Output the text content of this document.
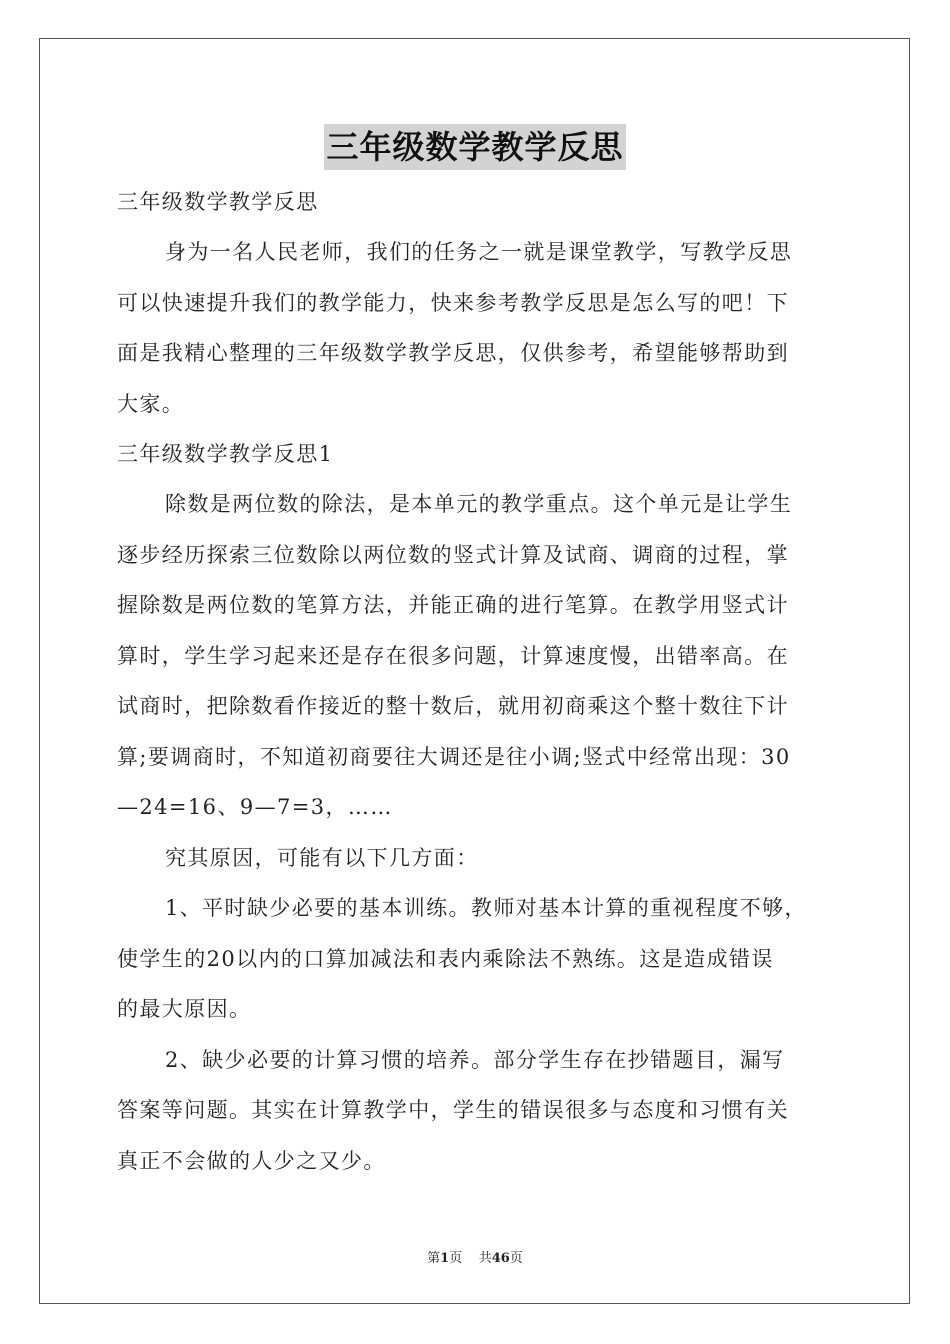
三年级数学教学反思
三年级数学教学反思
身为一名人民老师，我们的任务之一就是课堂教学，写教学反思
可以快速提升我们的教学能力，快来参考教学反思是怎么写的吧！下
面是我精心整理的三年级数学教学反思，仅供参考，希望能够帮助到
大家。
三年级数学教学反思1
除数是两位数的除法，是本单元的教学重点。这个单元是让学生
逐步经历探索三位数除以两位数的竖式计算及试商、调商的过程，掌
握除数是两位数的笔算方法，并能正确的进行笔算。在教学用竖式计
算时，学生学习起来还是存在很多问题，计算速度慢，出错率高。在
试商时，把除数看作接近的整十数后，就用初商乘这个整十数往下计
算;要调商时，不知道初商要往大调还是往小调;竖式中经常出现：30
—24=16、9—7=3，……
究其原因，可能有以下几方面：
1、平时缺少必要的基本训练。教师对基本计算的重视程度不够，
使学生的20以内的口算加减法和表内乘除法不熟练。这是造成错误
的最大原因。
2、缺少必要的计算习惯的培养。部分学生存在抄错题目，漏写
答案等问题。其实在计算教学中，学生的错误很多与态度和习惯有关
真正不会做的人少之又少。
第1页 共46页
